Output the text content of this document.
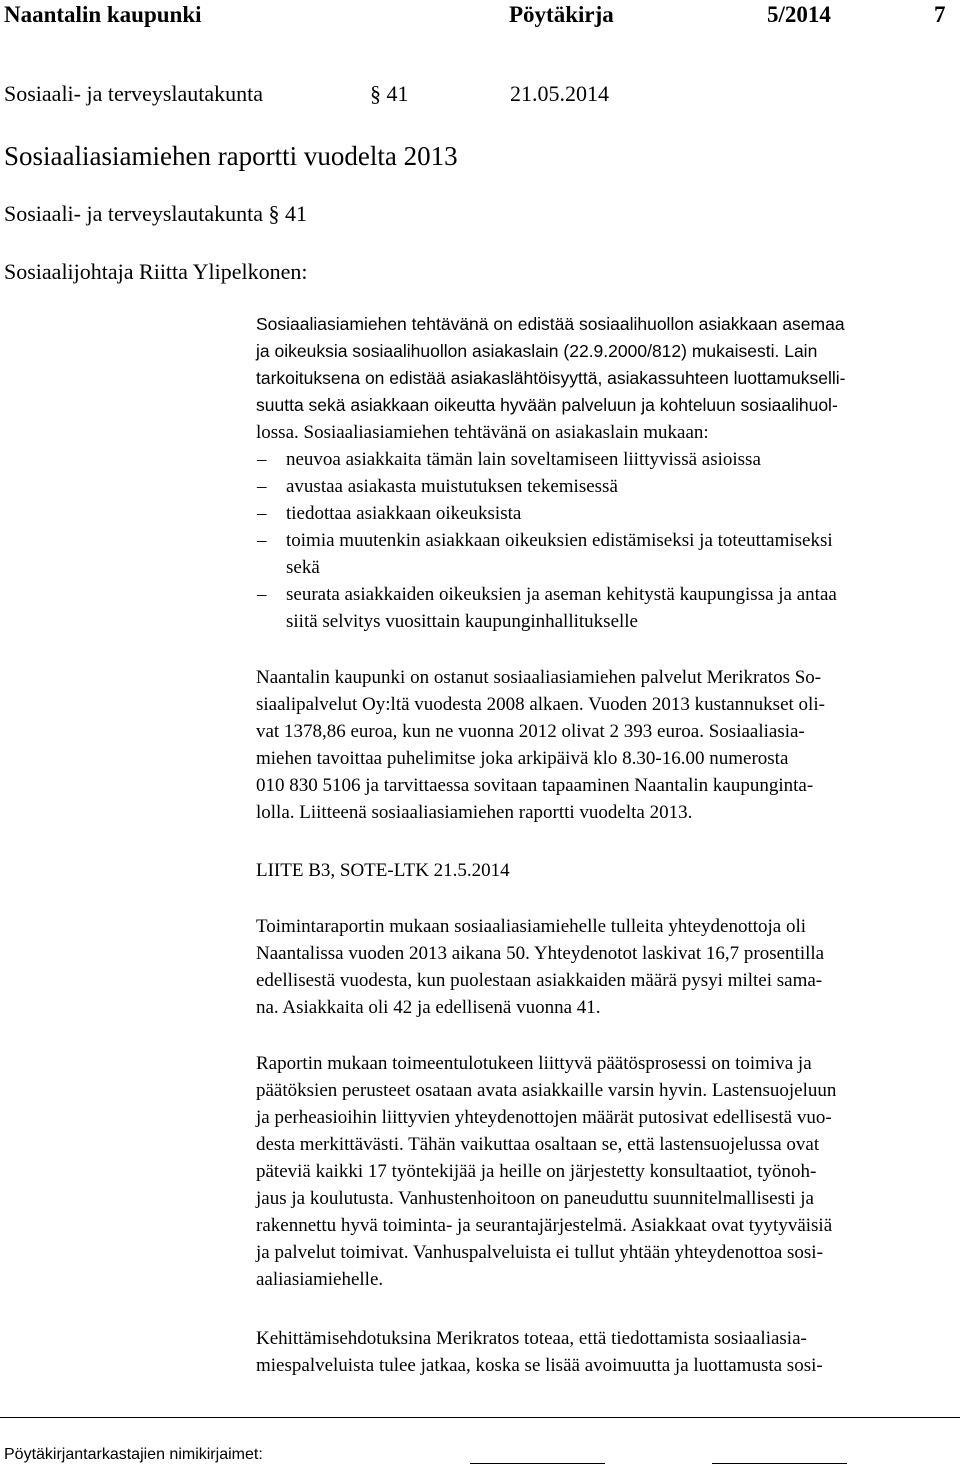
Naantalin kaupunki	Pöytäkirja	5/2014	7
Sosiaali- ja terveyslautakunta	§ 41	21.05.2014
Sosiaaliasiamiehen raportti vuodelta 2013
Sosiaali- ja terveyslautakunta § 41
Sosiaalijohtaja Riitta Ylipelkonen:
Sosiaaliasiamiehen tehtävänä on edistää sosiaalihuollon asiakkaan asemaa
ja oikeuksia sosiaalihuollon asiakaslain (22.9.2000/812) mukaisesti. Lain
tarkoituksena on edistää asiakaslähtöisyyttä, asiakassuhteen luottamukselli-
suutta sekä asiakkaan oikeutta hyvään palveluun ja kohteluun sosiaalihuol-
lossa. Sosiaaliasiamiehen tehtävänä on asiakaslain mukaan:
– neuvoa asiakkaita tämän lain soveltamiseen liittyvissä asioissa
– avustaa asiakasta muistutuksen tekemisessä
– tiedottaa asiakkaan oikeuksista
– toimia muutenkin asiakkaan oikeuksien edistämiseksi ja toteuttamiseksi
sekä
– seurata asiakkaiden oikeuksien ja aseman kehitystä kaupungissa ja antaa
siitä selvitys vuosittain kaupunginhallitukselle
Naantalin kaupunki on ostanut sosiaaliasiamiehen palvelut Merikratos So-
siaalipalvelut Oy:ltä vuodesta 2008 alkaen. Vuoden 2013 kustannukset oli-
vat 1378,86 euroa, kun ne vuonna 2012 olivat 2 393 euroa. Sosiaaliasia-
miehen tavoittaa puhelimitse joka arkipäivä klo 8.30-16.00 numerosta
010 830 5106 ja tarvittaessa sovitaan tapaaminen Naantalin kaupunginta-
lolla. Liitteenä sosiaaliasiamiehen raportti vuodelta 2013.
LIITE B3, SOTE-LTK 21.5.2014
Toimintaraportin mukaan sosiaaliasiamiehelle tulleita yhteydenottoja oli
Naantalissa vuoden 2013 aikana 50. Yhteydenotot laskivat 16,7 prosentilla
edellisestä vuodesta, kun puolestaan asiakkaiden määrä pysyi miltei sama-
na. Asiakkaita oli 42 ja edellisenä vuonna 41.
Raportin mukaan toimeentulotukeen liittyvä päätösprosessi on toimiva ja
päätöksien perusteet osataan avata asiakkaille varsin hyvin. Lastensuojeluun
ja perheasioihin liittyvien yhteydenottojen määrät putosivat edellisestä vuo-
desta merkittävästi. Tähän vaikuttaa osaltaan se, että lastensuojelussa ovat
päteviä kaikki 17 työntekijää ja heille on järjestetty konsultaatiot, työnoh-
jaus ja koulutusta. Vanhustenhoitoon on paneuduttu suunnitelmallisesti ja
rakennettu hyvä toiminta- ja seurantajärjestelmä. Asiakkaat ovat tyytyväisiä
ja palvelut toimivat. Vanhuspalveluista ei tullut yhtään yhteydenottoa sosi-
aaliasiamiehelle.
Kehittämisehdotuksina Merikratos toteaa, että tiedottamista sosiaaliasia-
miespalveluista tulee jatkaa, koska se lisää avoimuutta ja luottamusta sosi-
Pöytäkirjantarkastajien nimikirjaimet:
